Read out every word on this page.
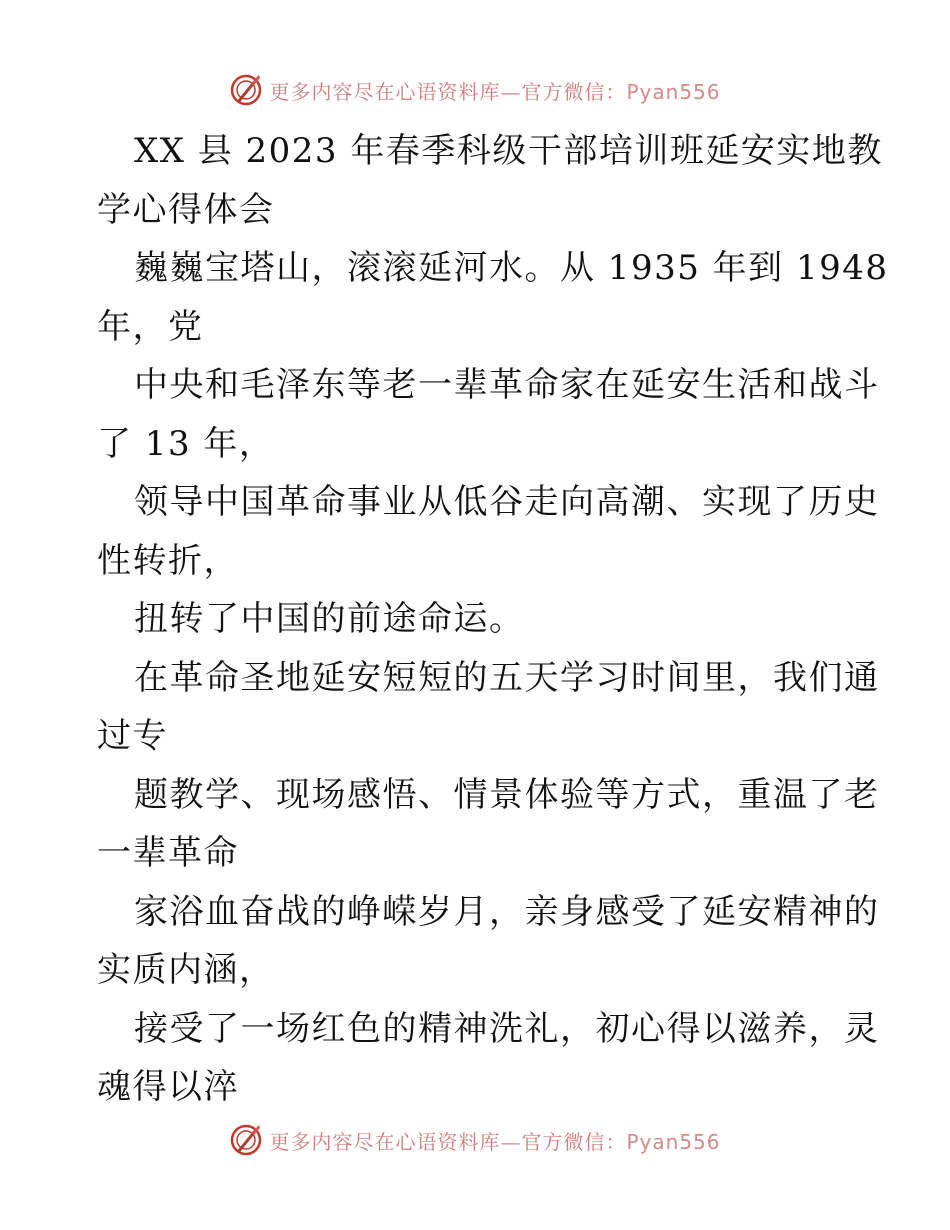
更多内容尽在心语资料库—官方微信：Pyan556
XX 县 2023 年春季科级干部培训班延安实地教
学心得体会
巍巍宝塔山，滚滚延河水。从 1935 年到 1948
年，党
中央和毛泽东等老一辈革命家在延安生活和战斗
了 13 年，
领导中国革命事业从低谷走向高潮、实现了历史
性转折，
扭转了中国的前途命运。
在革命圣地延安短短的五天学习时间里，我们通
过专
题教学、现场感悟、情景体验等方式，重温了老
一辈革命
家浴血奋战的峥嵘岁月，亲身感受了延安精神的
实质内涵，
接受了一场红色的精神洗礼，初心得以滋养，灵
魂得以淬
更多内容尽在心语资料库—官方微信：Pyan556
